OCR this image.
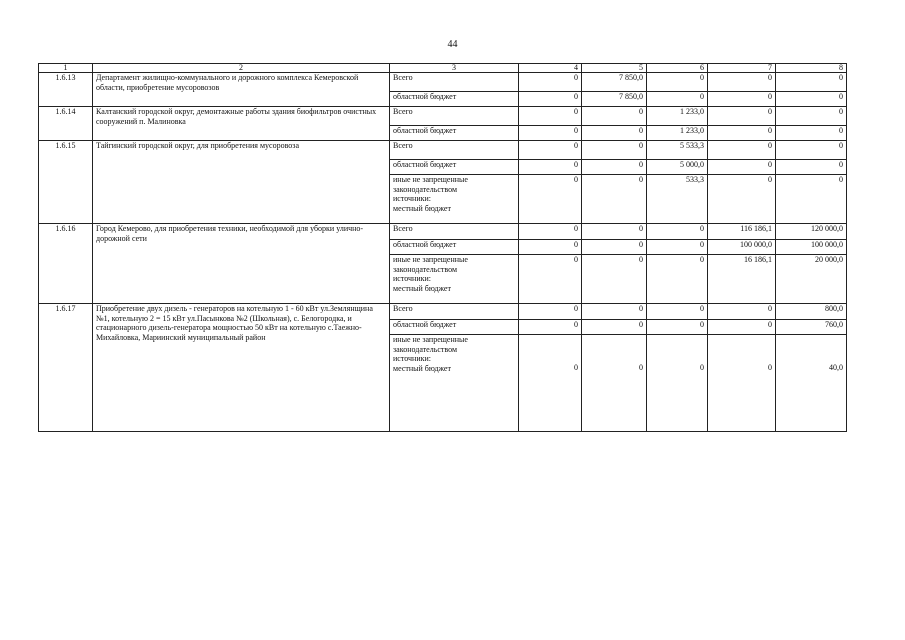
44
1	2	3	4	5	6	7	8
1.6.13	Департамент жилищно-коммунального и дорожного комплекса Кемеровской области, приобретение мусоровозов	Всего	0	7 850,0	0	0	0
		областной бюджет	0	7 850,0	0	0	0
1.6.14	Калтанский городской округ, демонтажные работы здания биофильтров очистных сооружений п. Малиновка	Всего	0	0	1 233,0	0	0
		областной бюджет	0	0	1 233,0	0	0
1.6.15	Тайгинский городской округ, для приобретения мусоровоза	Всего	0	0	5 533,3	0	0
		областной бюджет	0	0	5 000,0	0	0

		иные не запрещенные
законодательством
источники:
местный бюджет	0	0	533,3	0	0
1.6.16	Город Кемерово, для приобретения техники, необходимой для уборки улично-дорожной сети	Всего	0	0	0	116 186,1	120 000,0
		областной бюджет	0	0	0	100 000,0	100 000,0

		иные не запрещенные
законодательством
источники:
местный бюджет	0	0	0	16 186,1	20 000,0
1.6.17	Приобретение двух дизель - генераторов на котельную 1 - 60 кВт ул.Землянщина №1, котельную 2 = 15 кВт ул.Пасынкова №2 (Школьная), с. Белогородка, и стационарного дизель-генератора мощностью 50 кВт на котельную с.Таежно-Михайловка, Мариинский муниципальный район	Всего	0	0	0	0	800,0
		областной бюджет	0	0	0	0	760,0

		иные не запрещенные
законодательством
источники:
местный бюджет	0	0	0	0	40,0
